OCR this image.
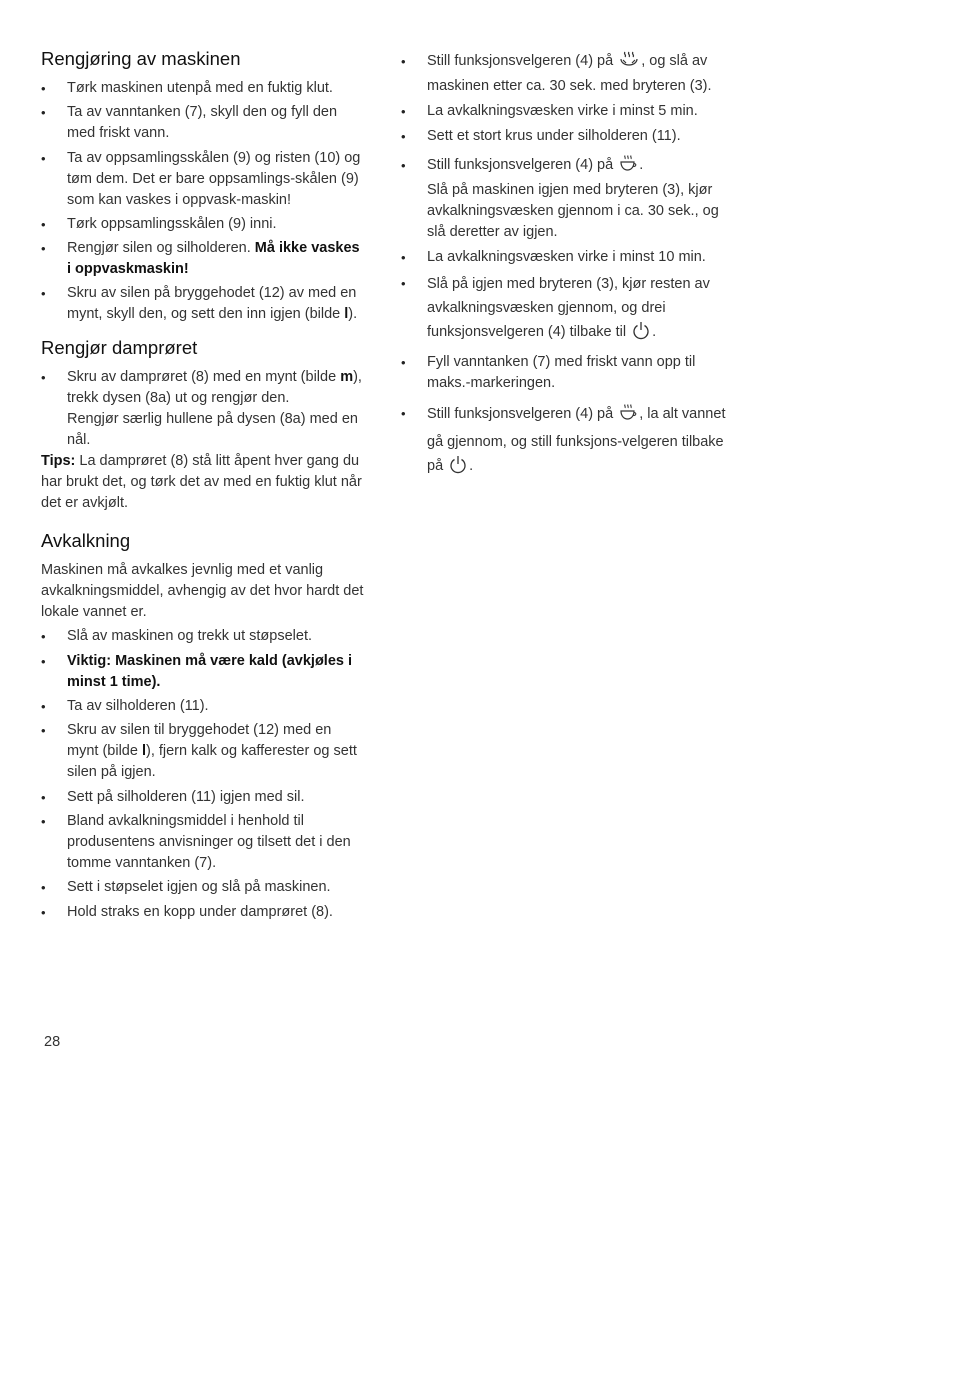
Rengjøring av maskinen
• Tørk maskinen utenpå med en fuktig klut.
• Ta av vanntanken (7), skyll den og fyll den med friskt vann.
• Ta av oppsamlingsskålen (9) og risten (10) og tøm dem. Det er bare oppsamlings-skålen (9) som kan vaskes i oppvask-maskin!
• Tørk oppsamlingsskålen (9) inni.
• Rengjør silen og silholderen. Må ikke vaskes i oppvaskmaskin!
• Skru av silen på bryggehodet (12) av med en mynt, skyll den, og sett den inn igjen (bilde l).
Rengjør damprøret
• Skru av damprøret (8) med en mynt (bilde m), trekk dysen (8a) ut og rengjør den.
Rengjør særlig hullene på dysen (8a) med en nål.

Tips: La damprøret (8) stå litt åpent hver gang du har brukt det, og tørk det av med en fuktig klut når det er avkjølt.

Avkalkning

Maskinen må avkalkes jevnlig med et vanlig avkalkningsmiddel, avhengig av det hvor hardt det lokale vannet er.

• Slå av maskinen og trekk ut støpselet.
• Viktig: Maskinen må være kald (avkjøles i minst 1 time).
• Ta av silholderen (11).
• Skru av silen til bryggehodet (12) med en mynt (bilde l), fjern kalk og kafferester og sett silen på igjen.
• Sett på silholderen (11) igjen med sil.
• Bland avkalkningsmiddel i henhold til produsentens anvisninger og tilsett det i den tomme vanntanken (7).
• Sett i støpselet igjen og slå på maskinen.
• Hold straks en kopp under damprøret (8).
• Still funksjonsvelgeren (4) på , og slå av maskinen etter ca. 30 sek. med bryteren (3).
• La avkalkningsvæsken virke i minst 5 min.
• Sett et stort krus under silholderen (11).
• Still funksjonsvelgeren (4) på .
Slå på maskinen igjen med bryteren (3), kjør avkalkningsvæsken gjennom i ca. 30 sek., og slå deretter av igjen.
• La avkalkningsvæsken virke i minst 10 min.
• Slå på igjen med bryteren (3), kjør resten av avkalkningsvæsken gjennom, og drei funksjonsvelgeren (4) tilbake til .
• Fyll vanntanken (7) med friskt vann opp til maks.-markeringen.
• Still funksjonsvelgeren (4) på , la alt vannet gå gjennom, og still funksjons-velgeren tilbake på .
28
